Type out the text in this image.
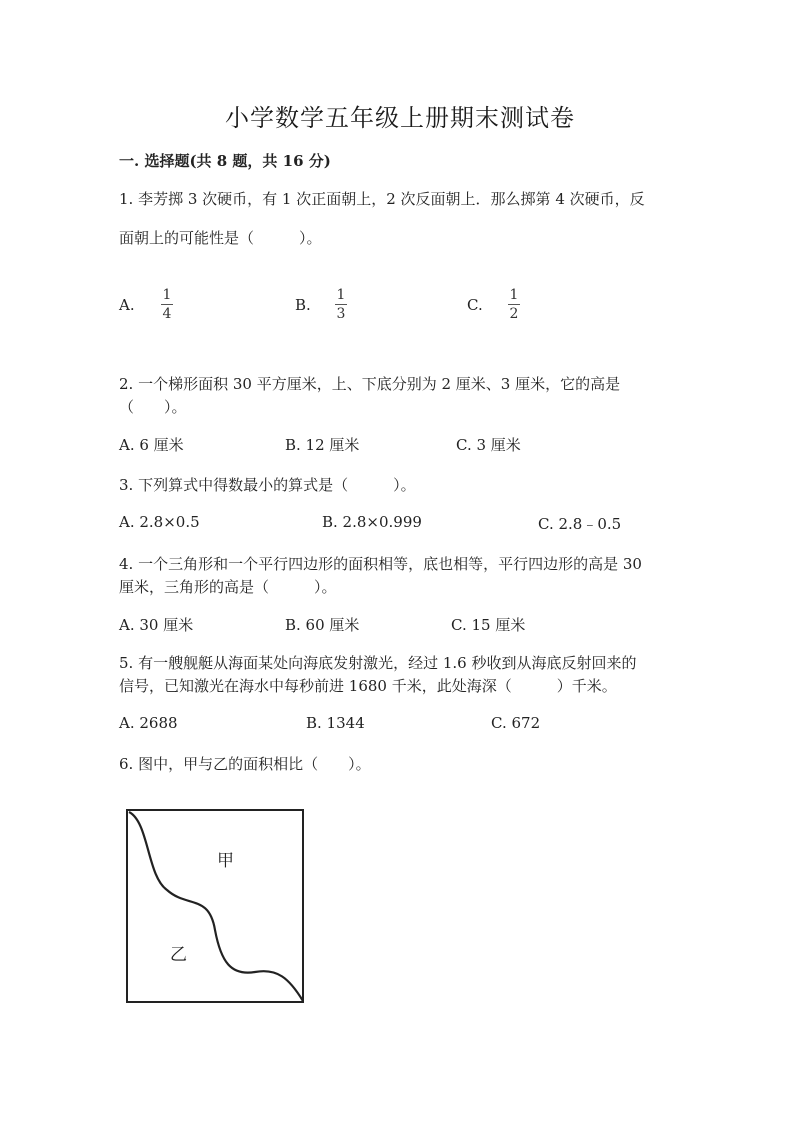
小学数学五年级上册期末测试卷
一. 选择题(共 8 题，共 16 分)
1. 李芳掷 3 次硬币，有 1 次正面朝上，2 次反面朝上．那么掷第 4 次硬币，反
面朝上的可能性是（　　　）。
A.
1
4	B.
1
3	C.
1
2
2. 一个梯形面积 30 平方厘米，上、下底分别为 2 厘米、3 厘米，它的高是
（　　）。
A. 6 厘米	B. 12 厘米	C. 3 厘米
3. 下列算式中得数最小的算式是（　　　）。
A. 2.8×0.5	B. 2.8×0.999	C. 2.8﹣0.5
4. 一个三角形和一个平行四边形的面积相等，底也相等，平行四边形的高是 30
厘米，三角形的高是（　　　）。
A. 30 厘米	B. 60 厘米	C. 15 厘米
5. 有一艘舰艇从海面某处向海底发射激光，经过 1.6 秒收到从海底反射回来的
信号，已知激光在海水中每秒前进 1680 千米，此处海深（　　　）千米。
A. 2688	B. 1344	C. 672
6. 图中，甲与乙的面积相比（　　）。
甲
乙
